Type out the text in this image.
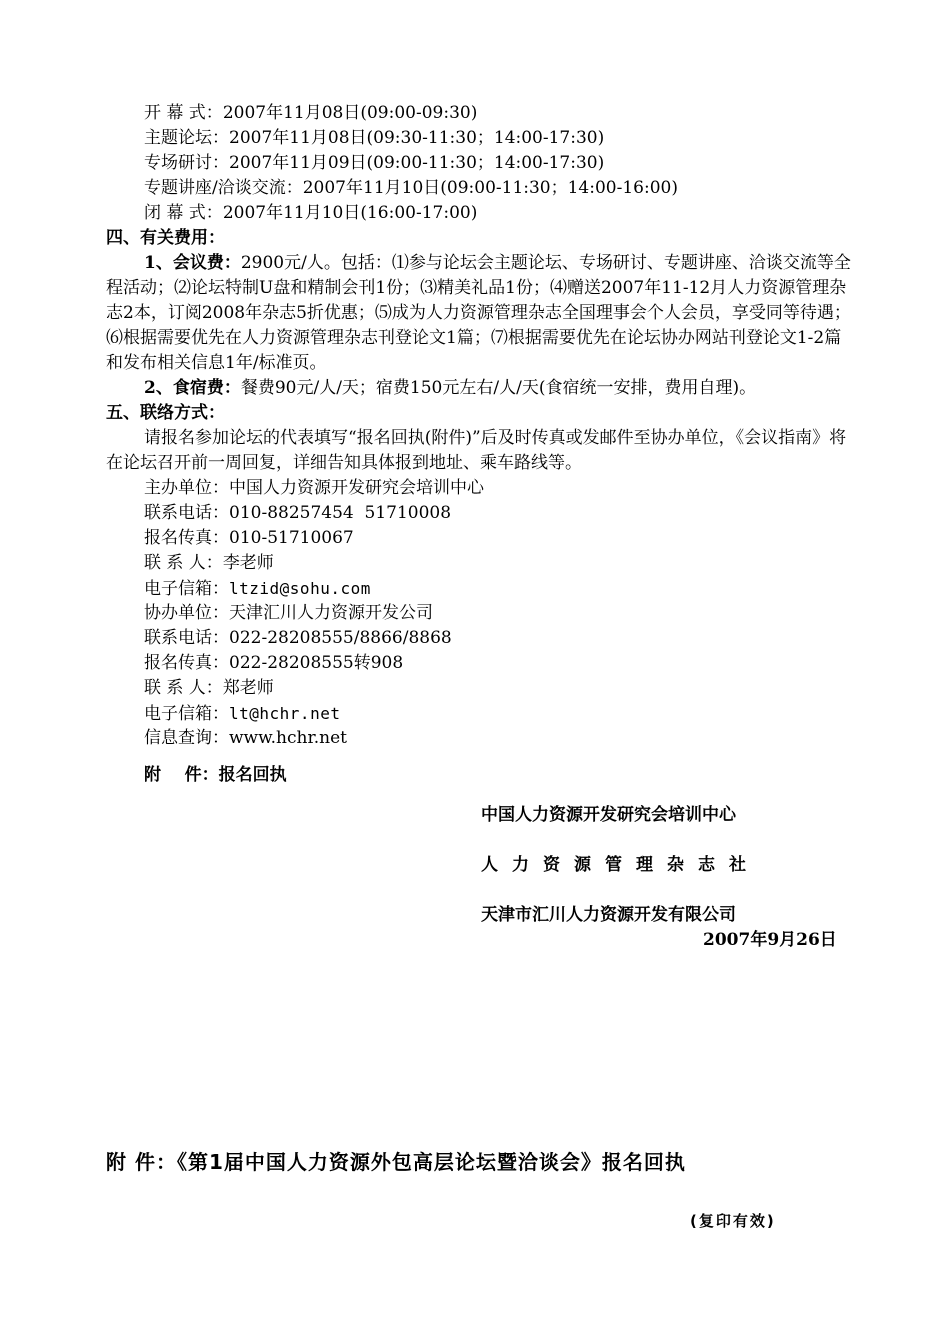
开 幕 式：2007年11月08日(09:00-09:30)
主题论坛：2007年11月08日(09:30-11:30；14:00-17:30)
专场研讨：2007年11月09日(09:00-11:30；14:00-17:30)
专题讲座/洽谈交流：2007年11月10日(09:00-11:30；14:00-16:00)
闭 幕 式：2007年11月10日(16:00-17:00)
四、有关费用：
1、会议费：2900元/人。包括：⑴参与论坛会主题论坛、专场研讨、专题讲座、洽谈交流等全程活动；⑵论坛特制U盘和精制会刊1份；⑶精美礼品1份；⑷赠送2007年11-12月人力资源管理杂志2本，订阅2008年杂志5折优惠；⑸成为人力资源管理杂志全国理事会个人会员，享受同等待遇；⑹根据需要优先在人力资源管理杂志刊登论文1篇；⑺根据需要优先在论坛协办网站刊登论文1-2篇和发布相关信息1年/标准页。
2、食宿费：餐费90元/人/天；宿费150元左右/人/天(食宿统一安排，费用自理)。
五、联络方式：
请报名参加论坛的代表填写“报名回执(附件)”后及时传真或发邮件至协办单位，《会议指南》将在论坛召开前一周回复，详细告知具体报到地址、乘车路线等。
主办单位：中国人力资源开发研究会培训中心
联系电话：010-88257454  51710008
报名传真：010-51710067
联 系 人：李老师
电子信箱：ltzid@sohu.com
协办单位：天津汇川人力资源开发公司
联系电话：022-28208555/8866/8868
报名传真：022-28208555转908
联 系 人：郑老师
电子信箱：lt@hchr.net
信息查询：www.hchr.net
附    件：报名回执
中国人力资源开发研究会培训中心
人力资源管理杂志社
天津市汇川人力资源开发有限公司
2007年9月26日
附 件：《第1届中国人力资源外包高层论坛暨洽谈会》报名回执
(复印有效)
